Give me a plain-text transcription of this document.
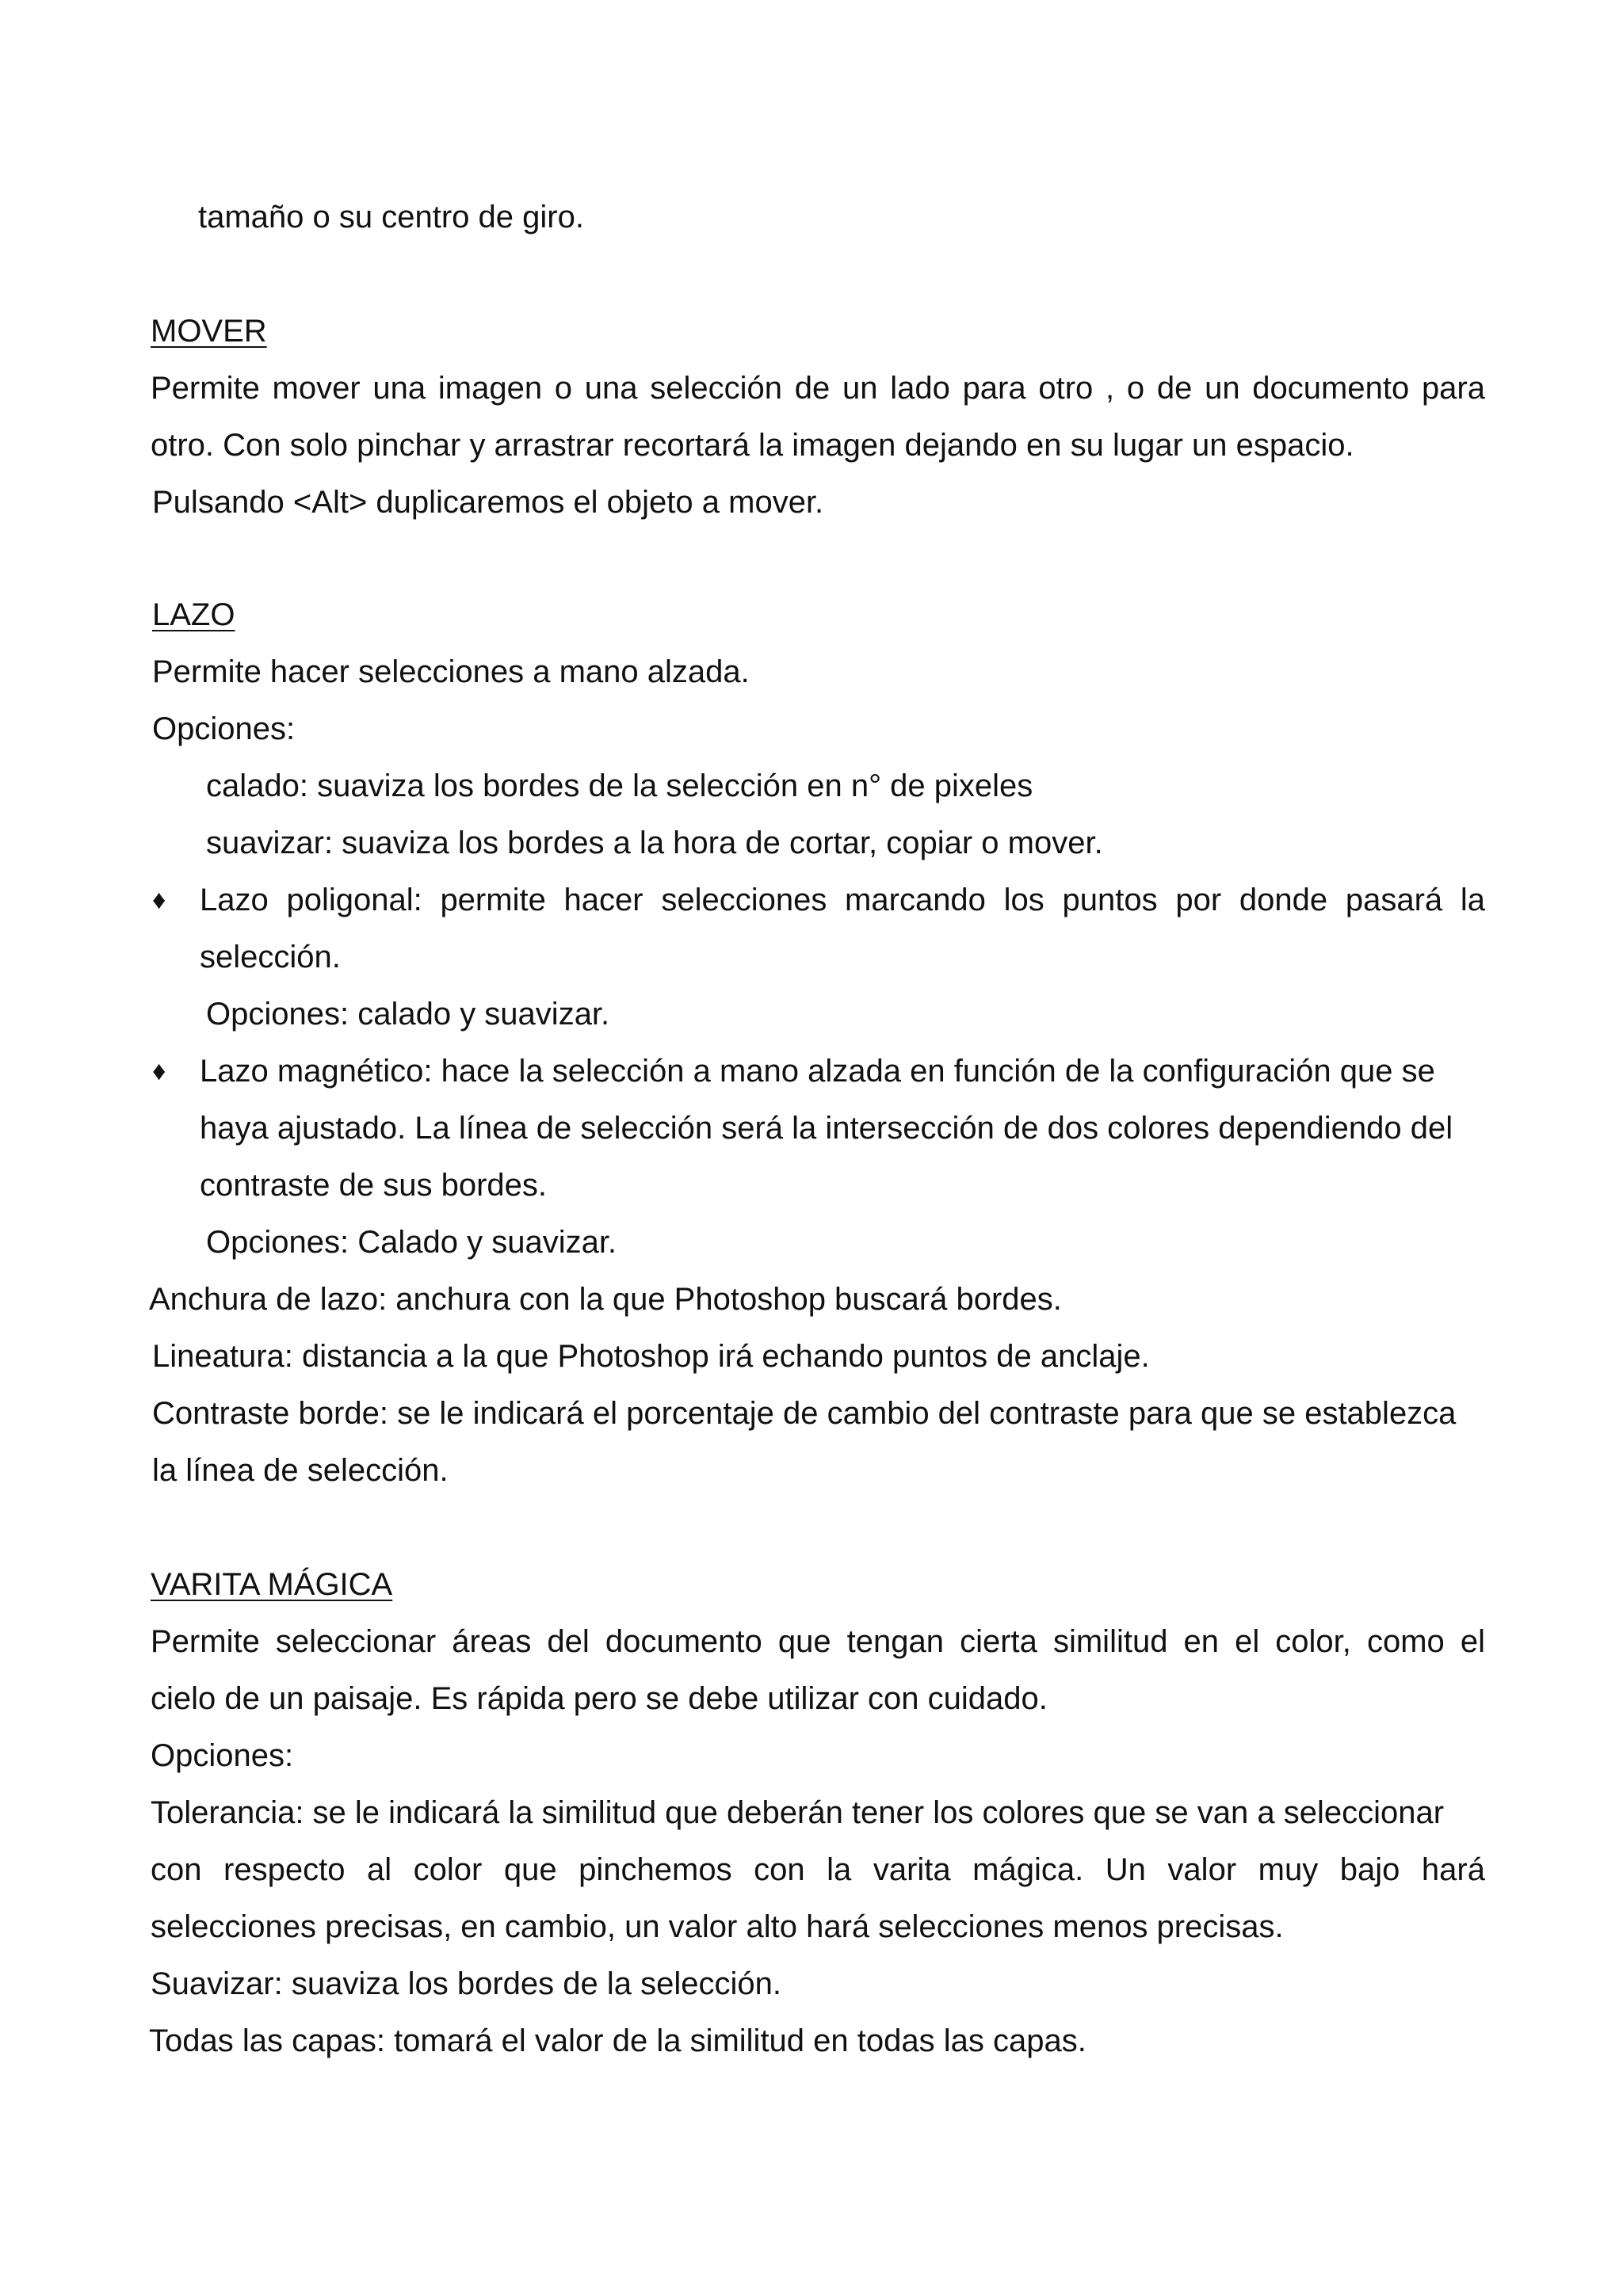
tamaño o su centro de giro.
MOVER
Permite mover una imagen o una selección de un lado para otro , o de un documento para
otro. Con solo pinchar y arrastrar recortará la imagen dejando en su lugar un espacio.
Pulsando <Alt> duplicaremos el objeto a mover.
LAZO
Permite hacer selecciones a mano alzada.
Opciones:
calado: suaviza los bordes de la selección en n° de pixeles
suavizar: suaviza los bordes a la hora de cortar, copiar o mover.
♦ Lazo poligonal: permite hacer selecciones marcando los puntos por donde pasará la
selección.
Opciones: calado y suavizar.
♦ Lazo magnético: hace la selección a mano alzada en función de la configuración que se
haya ajustado. La línea de selección será la intersección de dos colores dependiendo del
contraste de sus bordes.
Opciones: Calado y suavizar.
Anchura de lazo: anchura con la que Photoshop buscará bordes.
Lineatura: distancia a la que Photoshop irá echando puntos de anclaje.
Contraste borde: se le indicará el porcentaje de cambio del contraste para que se establezca
la línea de selección.
VARITA MÁGICA
Permite seleccionar áreas del documento que tengan cierta similitud en el color, como el
cielo de un paisaje. Es rápida pero se debe utilizar con cuidado.
Opciones:
Tolerancia: se le indicará la similitud que deberán tener los colores que se van a seleccionar
con respecto al color que pinchemos con la varita mágica. Un valor muy bajo hará
selecciones precisas, en cambio, un valor alto hará selecciones menos precisas.
Suavizar: suaviza los bordes de la selección.
Todas las capas: tomará el valor de la similitud en todas las capas.
